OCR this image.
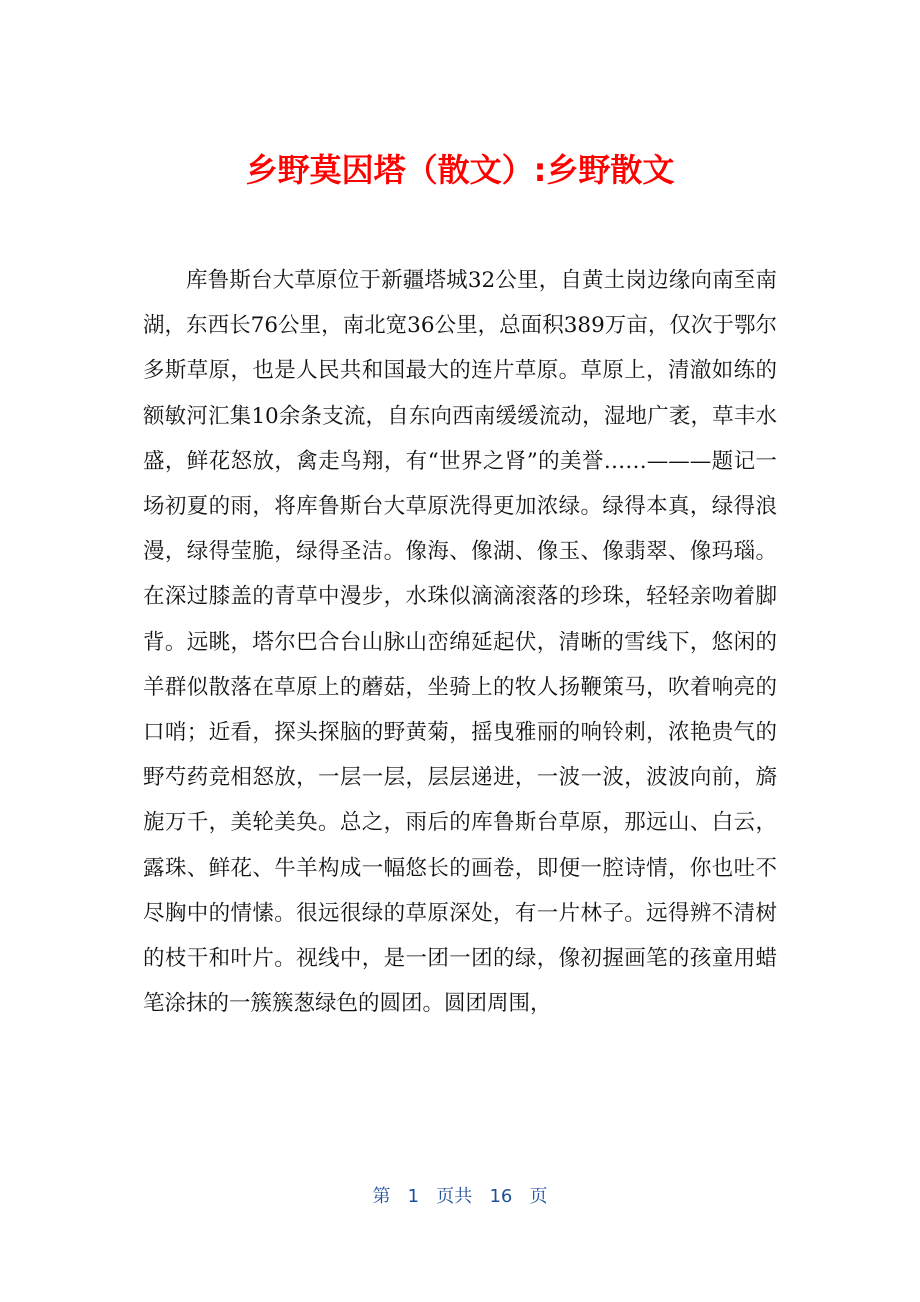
乡野莫因塔（散文）:乡野散文

库鲁斯台大草原位于新疆塔城32公里，自黄土岗边缘向南至南湖，东西长76公里，南北宽36公里，总面积389万亩，仅次于鄂尔多斯草原，也是人民共和国最大的连片草原。草原上，清澈如练的额敏河汇集10余条支流，自东向西南缓缓流动，湿地广袤，草丰水盛，鲜花怒放，禽走鸟翔，有“世界之肾”的美誉……———题记一场初夏的雨，将库鲁斯台大草原洗得更加浓绿。绿得本真，绿得浪漫，绿得莹脆，绿得圣洁。像海、像湖、像玉、像翡翠、像玛瑙。在深过膝盖的青草中漫步，水珠似滴滴滚落的珍珠，轻轻亲吻着脚背。远眺，塔尔巴合台山脉山峦绵延起伏，清晰的雪线下，悠闲的羊群似散落在草原上的蘑菇，坐骑上的牧人扬鞭策马，吹着响亮的口哨；近看，探头探脑的野黄菊，摇曳雅丽的响铃刺，浓艳贵气的野芍药竞相怒放，一层一层，层层递进，一波一波，波波向前，旖旎万千，美轮美奂。总之，雨后的库鲁斯台草原，那远山、白云，露珠、鲜花、牛羊构成一幅悠长的画卷，即便一腔诗情，你也吐不尽胸中的情愫。很远很绿的草原深处，有一片林子。远得辨不清树的枝干和叶片。视线中，是一团一团的绿，像初握画笔的孩童用蜡笔涂抹的一簇簇葱绿色的圆团。圆团周围，

第 1 页共 16 页
